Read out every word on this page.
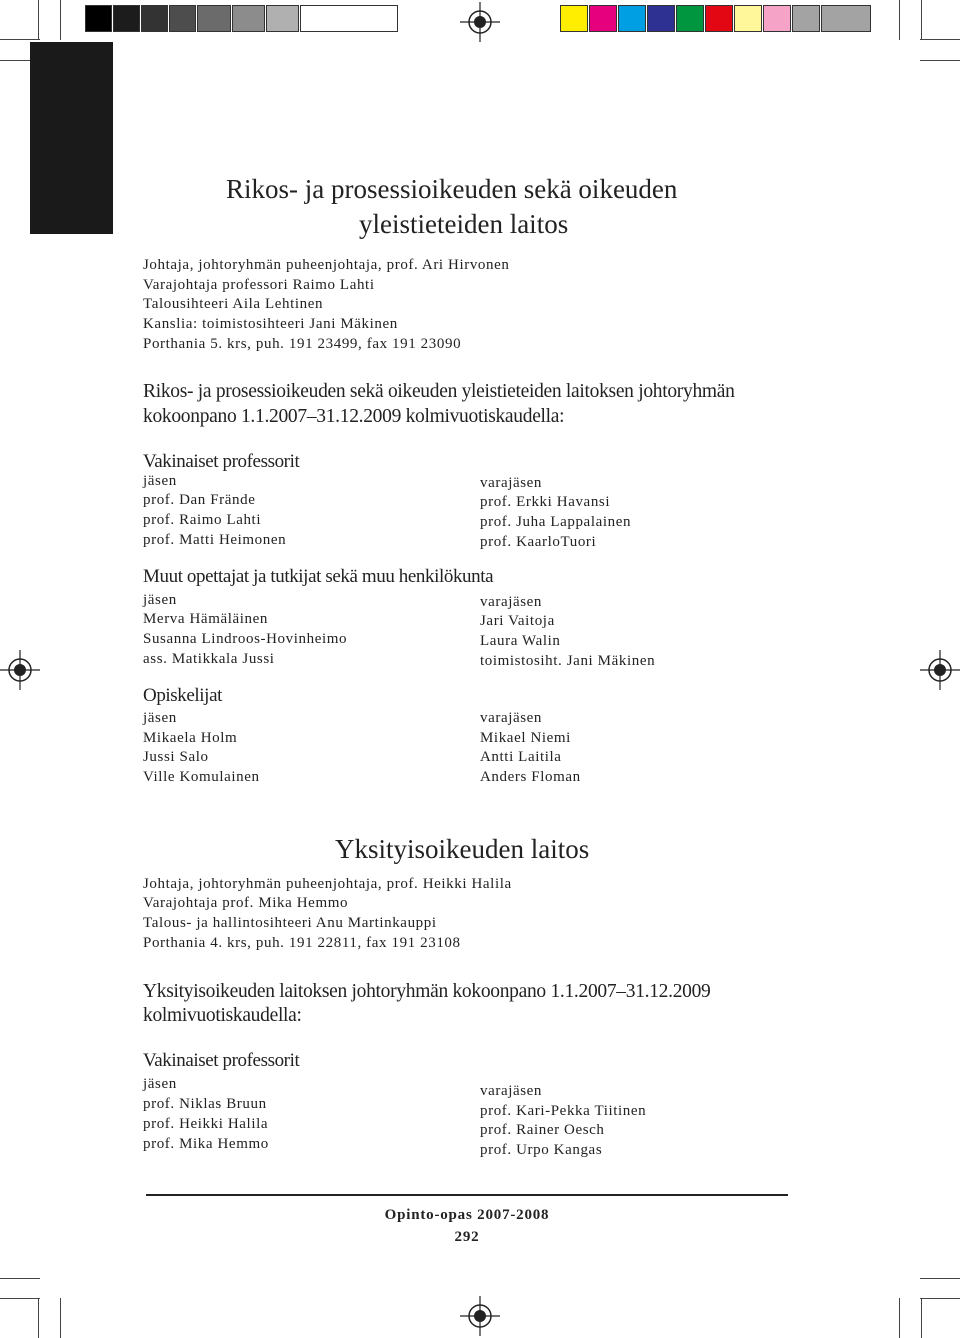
Rikos- ja prosessioikeuden sekä oikeuden
yleistieteiden laitos
Johtaja, johtoryhmän puheenjohtaja, prof. Ari Hirvonen
Varajohtaja professori Raimo Lahti
Talousihteeri Aila Lehtinen
Kanslia: toimistosihteeri Jani Mäkinen
Porthania 5. krs, puh. 191 23499, fax 191 23090
Rikos- ja prosessioikeuden sekä oikeuden yleistieteiden laitoksen johtoryhmän
kokoonpano 1.1.2007–31.12.2009 kolmivuotiskaudella:
Vakinaiset professorit
jäsen
prof. Dan Frände
prof. Raimo Lahti
prof. Matti Heimonen
varajäsen
prof. Erkki Havansi
prof. Juha Lappalainen
prof. KaarloTuori
Muut opettajat ja tutkijat sekä muu henkilökunta
jäsen
Merva Hämäläinen
Susanna Lindroos-Hovinheimo
ass. Matikkala Jussi
varajäsen
Jari Vaitoja
Laura Walin
toimistosiht. Jani Mäkinen
Opiskelijat
jäsen
Mikaela Holm
Jussi Salo
Ville Komulainen
varajäsen
Mikael Niemi
Antti Laitila
Anders Floman
Yksityisoikeuden laitos
Johtaja, johtoryhmän puheenjohtaja, prof. Heikki Halila
Varajohtaja prof. Mika Hemmo
Talous- ja hallintosihteeri Anu Martinkauppi
Porthania 4. krs, puh. 191 22811, fax 191 23108
Yksityisoikeuden laitoksen johtoryhmän kokoonpano 1.1.2007–31.12.2009
kolmivuotiskaudella:
Vakinaiset professorit
jäsen
prof. Niklas Bruun
prof. Heikki Halila
prof. Mika Hemmo
varajäsen
prof. Kari-Pekka Tiitinen
prof. Rainer Oesch
prof. Urpo Kangas
Opinto-opas 2007-2008
292
